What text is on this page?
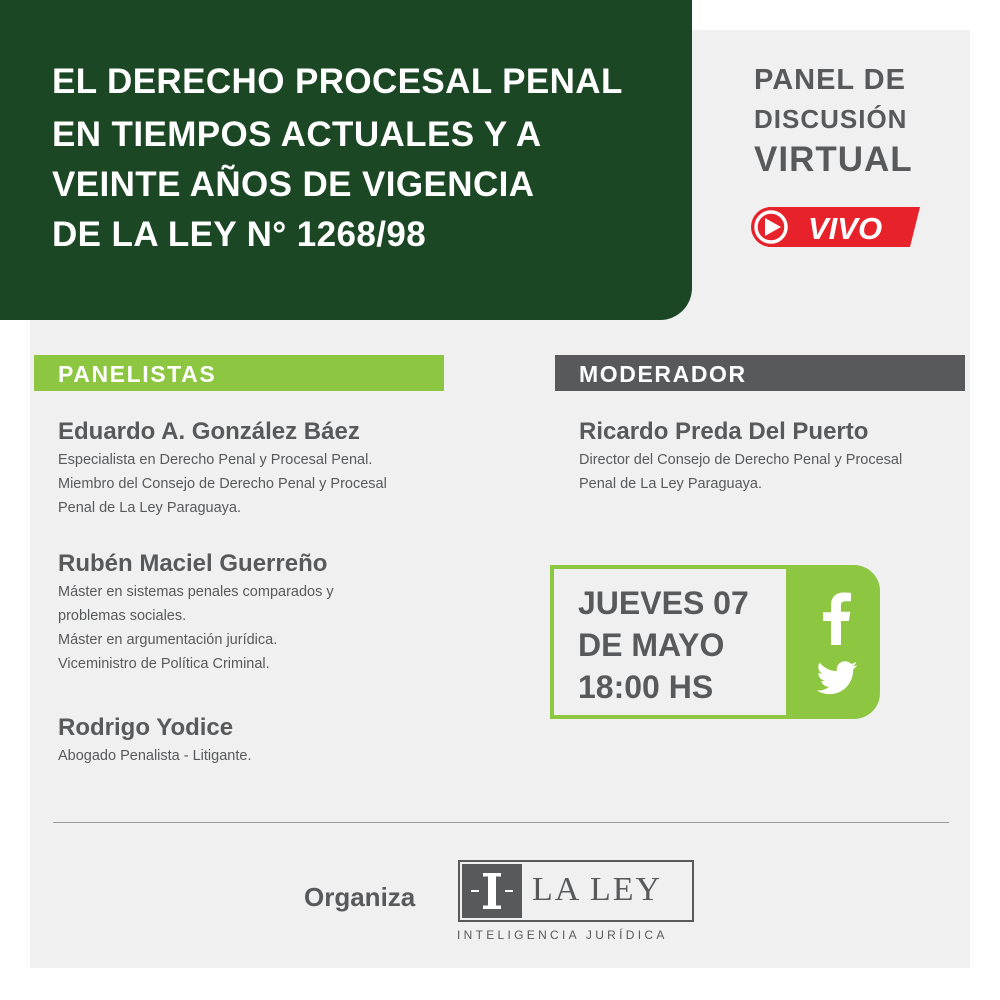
EL DERECHO PROCESAL PENAL
EN TIEMPOS ACTUALES Y A
VEINTE AÑOS DE VIGENCIA
DE LA LEY N° 1268/98
PANEL DE
DISCUSIÓN
VIRTUAL
VIVO
PANELISTAS	MODERADOR
Eduardo A. González Báez
Especialista en Derecho Penal y Procesal Penal.
Miembro del Consejo de Derecho Penal y Procesal
Penal de La Ley Paraguaya.
Rubén Maciel Guerreño
Máster en sistemas penales comparados y
problemas sociales.
Máster en argumentación jurídica.
Viceministro de Política Criminal.
Rodrigo Yodice
Abogado Penalista - Litigante.
Ricardo Preda Del Puerto
Director del Consejo de Derecho Penal y Procesal
Penal de La Ley Paraguaya.
JUEVES 07
DE MAYO
18:00 HS
Organiza	LA LEY
INTELIGENCIA JURÍDICA
